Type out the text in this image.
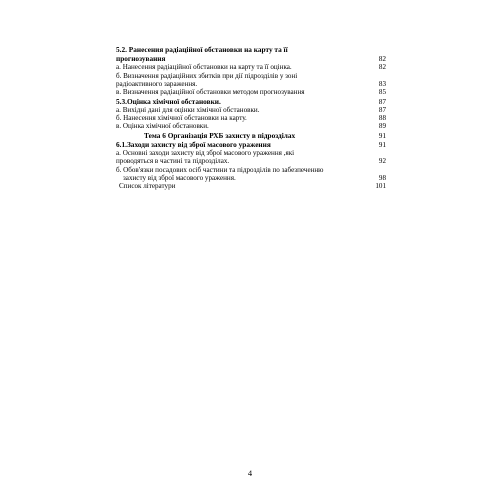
5.2. Ранесения радіаційної обстановки на карту та її
прогнозування	82
а. Нанесення радіаційної обстановки на карту та її оцінка.	82
б. Визначення радіаційних збитків при дії підрозділів у зоні
радіоактивного зараження.	83
в. Визначення радіаційної обстановки методом прогнозування	85
5.3.Оцінка хімічної обстановки.	87
а. Вихідні дані для оцінки хімічної обстановки.	87
б. Нанесення хімічної обстановки на карту.	88
в. Оцінка хімічної обстановки.	89
Тема 6 Організація РХБ захисту в підрозділах	91
6.1.Заходи захисту від зброї масового ураження	91
а. Основні заходи захисту від зброї масового ураження ,які
проводяться в частині та підрозділах.	92
б. Обов'язки посадових осіб частини та підрозділів по забезпеченню
захисту від зброї масового ураження.	98
Список літератури	101
4
